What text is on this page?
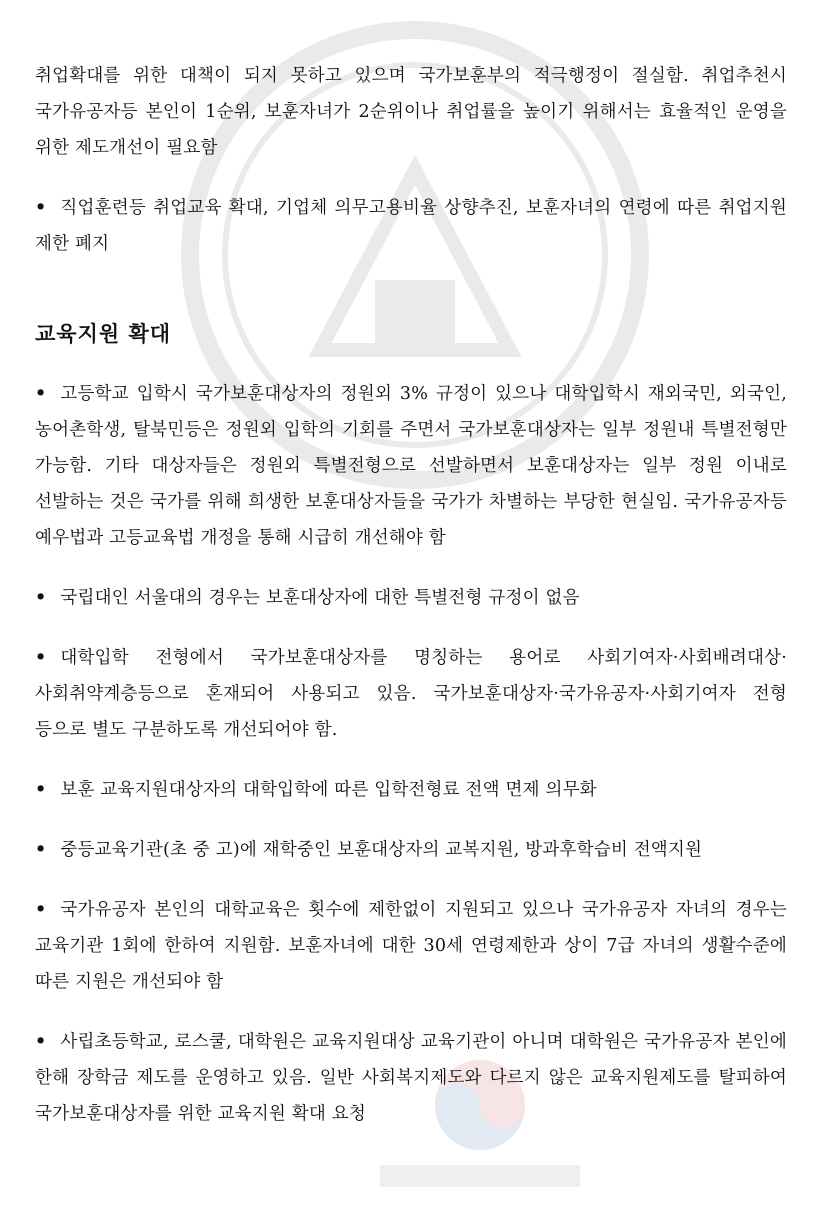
취업확대를 위한 대책이 되지 못하고 있으며 국가보훈부의 적극행정이 절실함. 취업추천시 국가유공자등 본인이 1순위, 보훈자녀가 2순위이나 취업률을 높이기 위해서는 효율적인 운영을 위한 제도개선이 필요함

• 직업훈련등 취업교육 확대, 기업체 의무고용비율 상향추진, 보훈자녀의 연령에 따른 취업지원 제한 폐지

교육지원 확대

• 고등학교 입학시 국가보훈대상자의 정원외 3% 규정이 있으나 대학입학시 재외국민, 외국인, 농어촌학생, 탈북민등은 정원외 입학의 기회를 주면서 국가보훈대상자는 일부 정원내 특별전형만 가능함. 기타 대상자들은 정원외 특별전형으로 선발하면서 보훈대상자는 일부 정원 이내로 선발하는 것은 국가를 위해 희생한 보훈대상자들을 국가가 차별하는 부당한 현실임. 국가유공자등 예우법과 고등교육법 개정을 통해 시급히 개선해야 함

• 국립대인 서울대의 경우는 보훈대상자에 대한 특별전형 규정이 없음

• 대학입학 전형에서 국가보훈대상자를 명칭하는 용어로 사회기여자·사회배려대상·사회취약계층등으로 혼재되어 사용되고 있음. 국가보훈대상자·국가유공자·사회기여자 전형 등으로 별도 구분하도록 개선되어야 함.

• 보훈 교육지원대상자의 대학입학에 따른 입학전형료 전액 면제 의무화

• 중등교육기관(초 중 고)에 재학중인 보훈대상자의 교복지원, 방과후학습비 전액지원

• 국가유공자 본인의 대학교육은 횟수에 제한없이 지원되고 있으나 국가유공자 자녀의 경우는 교육기관 1회에 한하여 지원함. 보훈자녀에 대한 30세 연령제한과 상이 7급 자녀의 생활수준에 따른 지원은 개선되야 함

• 사립초등학교, 로스쿨, 대학원은 교육지원대상 교육기관이 아니며 대학원은 국가유공자 본인에 한해 장학금 제도를 운영하고 있음. 일반 사회복지제도와 다르지 않은 교육지원제도를 탈피하여 국가보훈대상자를 위한 교육지원 확대 요청
